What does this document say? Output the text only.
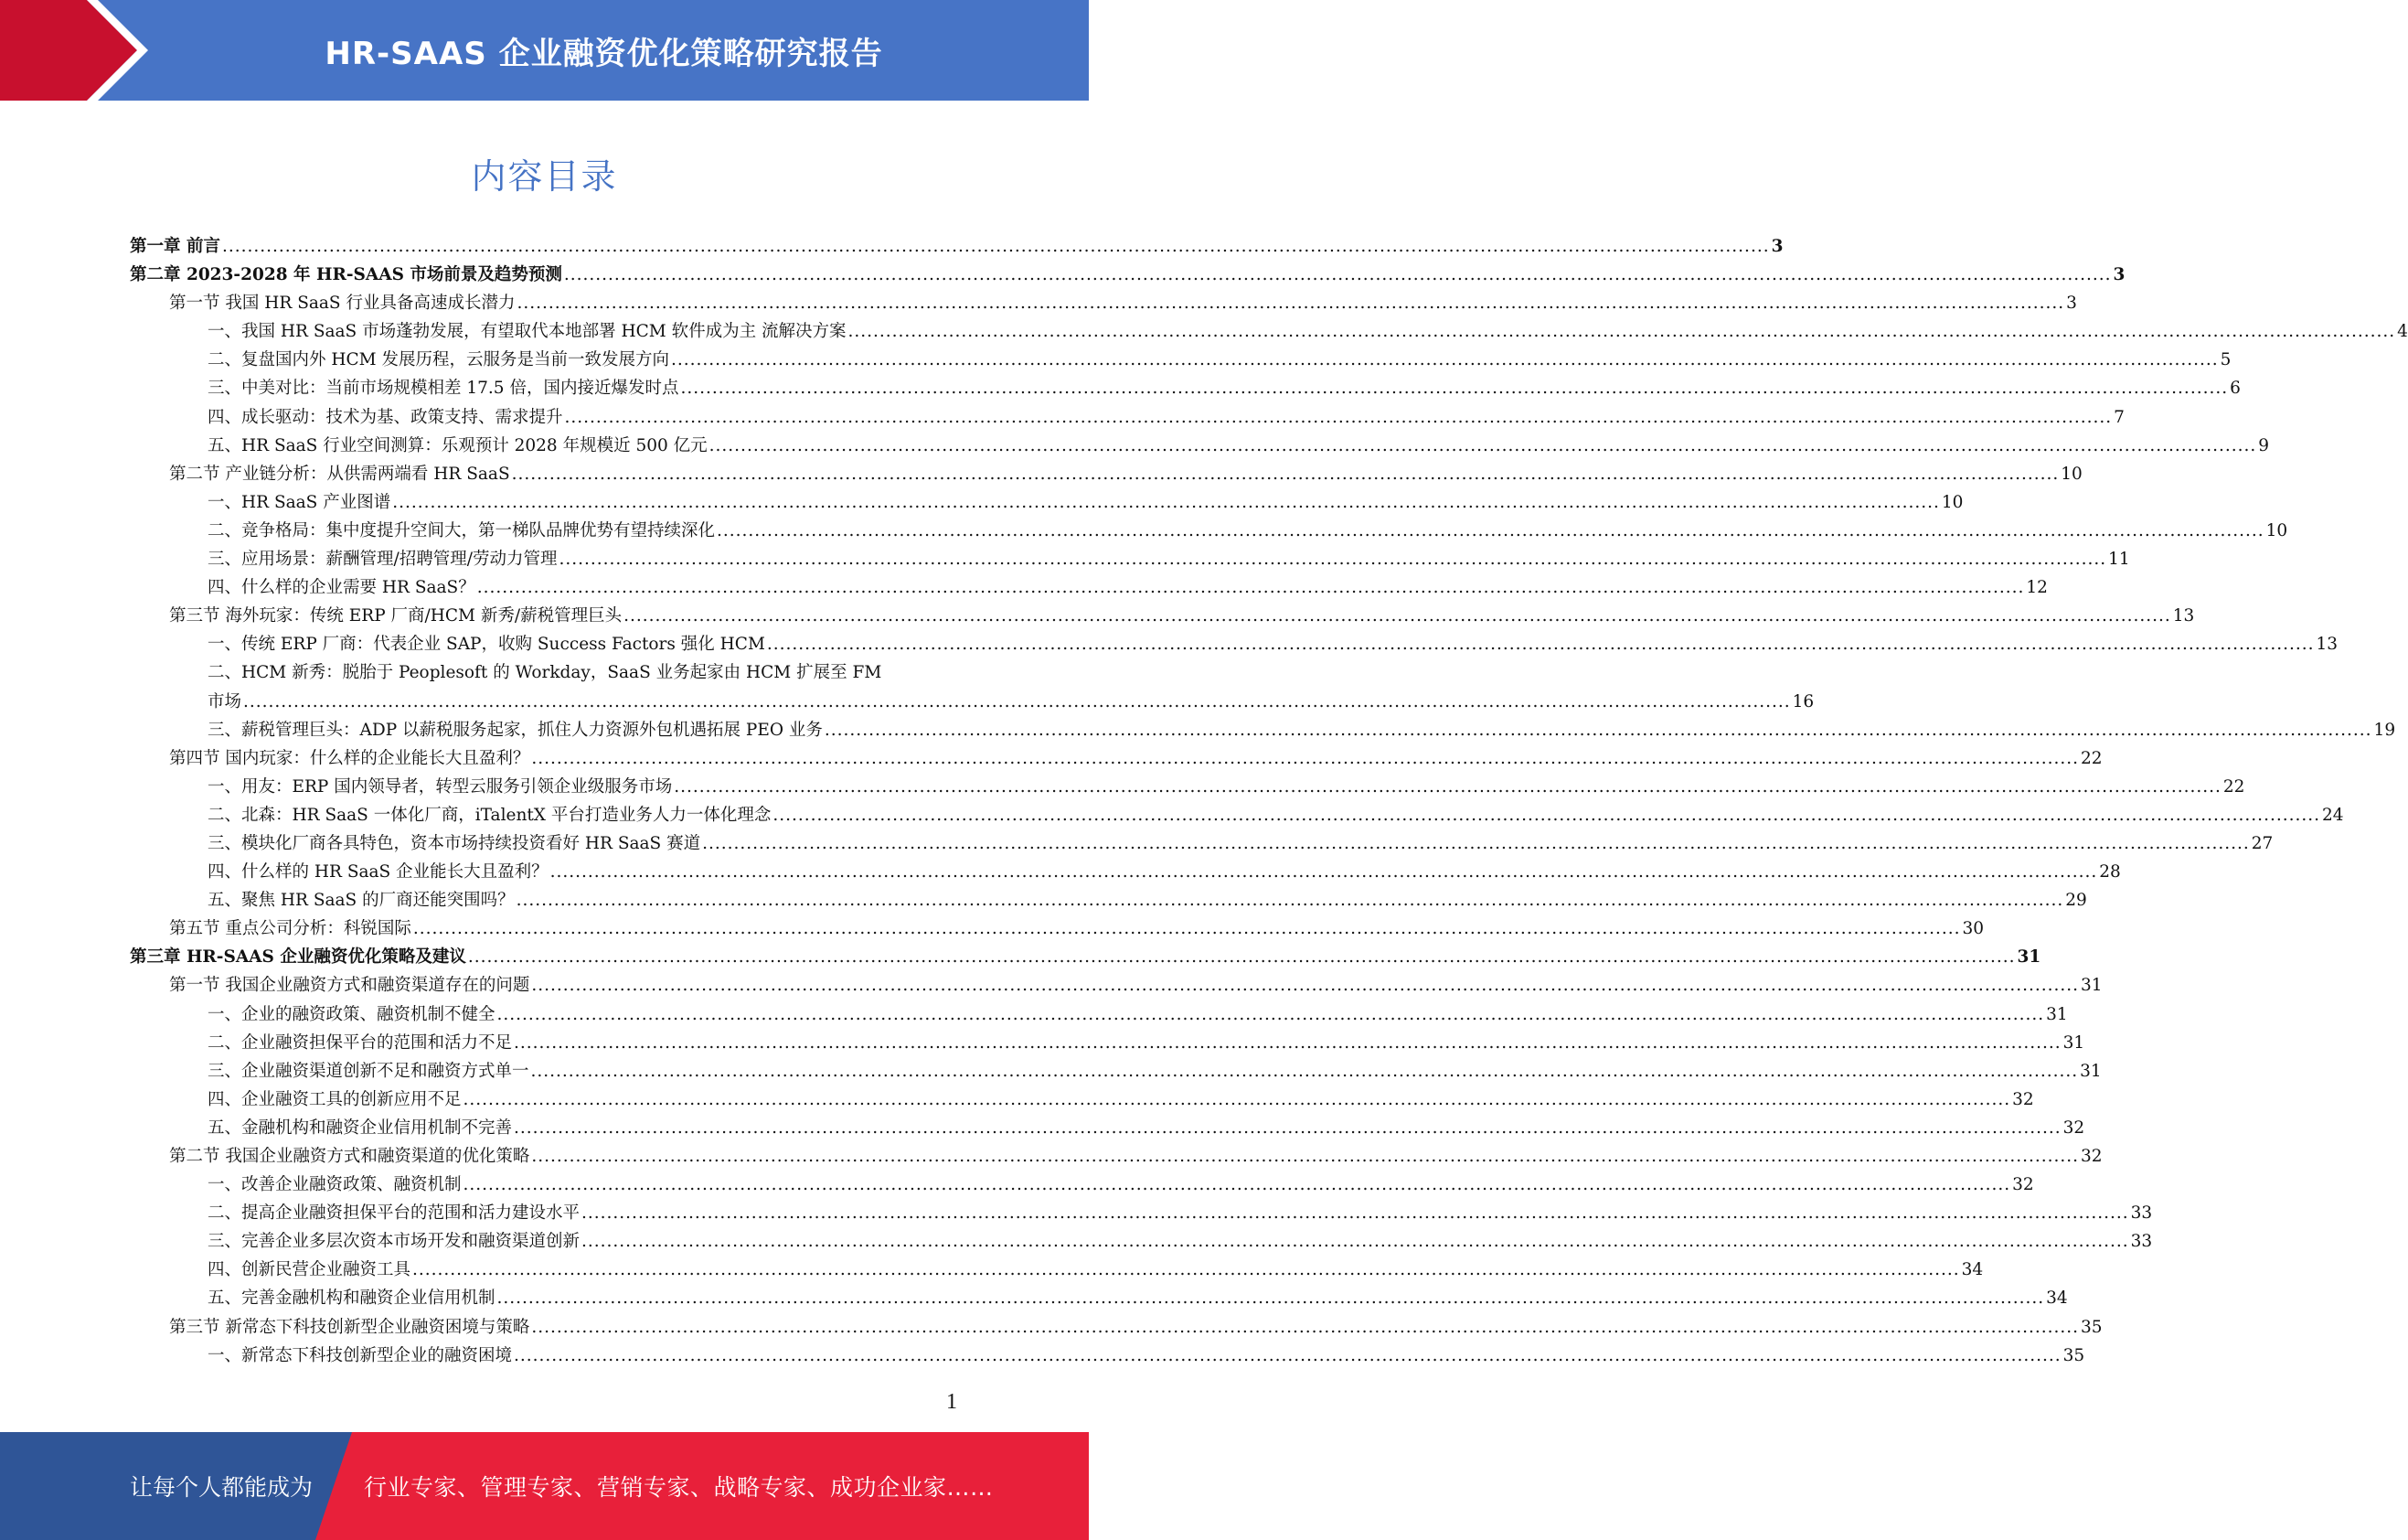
HR-SAAS 企业融资优化策略研究报告
内容目录
第一章 前言 .....	3
第二章 2023-2028 年 HR-SAAS 市场前景及趋势预测 .....	3
第一节 我国 HR SaaS 行业具备高速成长潜力 .....	3
一、我国 HR SaaS 市场蓬勃发展，有望取代本地部署 HCM 软件成为主 流解决方案 .....	4
二、复盘国内外 HCM 发展历程，云服务是当前一致发展方向 .....	5
三、中美对比：当前市场规模相差 17.5 倍，国内接近爆发时点 .....	6
四、成长驱动：技术为基、政策支持、需求提升 .....	7
五、HR SaaS 行业空间测算：乐观预计 2028 年规模近 500 亿元 .....	9
第二节 产业链分析：从供需两端看 HR SaaS .....	10
一、HR SaaS 产业图谱 .....	10
二、竞争格局：集中度提升空间大，第一梯队品牌优势有望持续深化 .....	10
三、应用场景：薪酬管理/招聘管理/劳动力管理 .....	11
四、什么样的企业需要 HR SaaS？ .....	12
第三节 海外玩家：传统 ERP 厂商/HCM 新秀/薪税管理巨头 .....	13
一、传统 ERP 厂商：代表企业 SAP，收购 Success Factors 强化 HCM .....	13
二、HCM 新秀：脱胎于 Peoplesoft 的 Workday，SaaS 业务起家由 HCM 扩展至 FM
市场 .....	16
三、薪税管理巨头：ADP 以薪税服务起家，抓住人力资源外包机遇拓展 PEO 业务 .....	19
第四节 国内玩家：什么样的企业能长大且盈利？ .....	22
一、用友：ERP 国内领导者，转型云服务引领企业级服务市场 .....	22
二、北森：HR SaaS 一体化厂商，iTalentX 平台打造业务人力一体化理念 .....	24
三、模块化厂商各具特色，资本市场持续投资看好 HR SaaS 赛道 .....	27
四、什么样的 HR SaaS 企业能长大且盈利？ .....	28
五、聚焦 HR SaaS 的厂商还能突围吗？ .....	29
第五节 重点公司分析：科锐国际 .....	30
第三章 HR-SAAS 企业融资优化策略及建议 .....	31
第一节 我国企业融资方式和融资渠道存在的问题 .....	31
一、企业的融资政策、融资机制不健全 .....	31
二、企业融资担保平台的范围和活力不足 .....	31
三、企业融资渠道创新不足和融资方式单一 .....	31
四、企业融资工具的创新应用不足 .....	32
五、金融机构和融资企业信用机制不完善 .....	32
第二节 我国企业融资方式和融资渠道的优化策略 .....	32
一、改善企业融资政策、融资机制 .....	32
二、提高企业融资担保平台的范围和活力建设水平 .....	33
三、完善企业多层次资本市场开发和融资渠道创新 .....	33
四、创新民营企业融资工具 .....	34
五、完善金融机构和融资企业信用机制 .....	34
第三节 新常态下科技创新型企业融资困境与策略 .....	35
一、新常态下科技创新型企业的融资困境 .....	35
1
让每个人都能成为 行业专家、管理专家、营销专家、战略专家、成功企业家……
